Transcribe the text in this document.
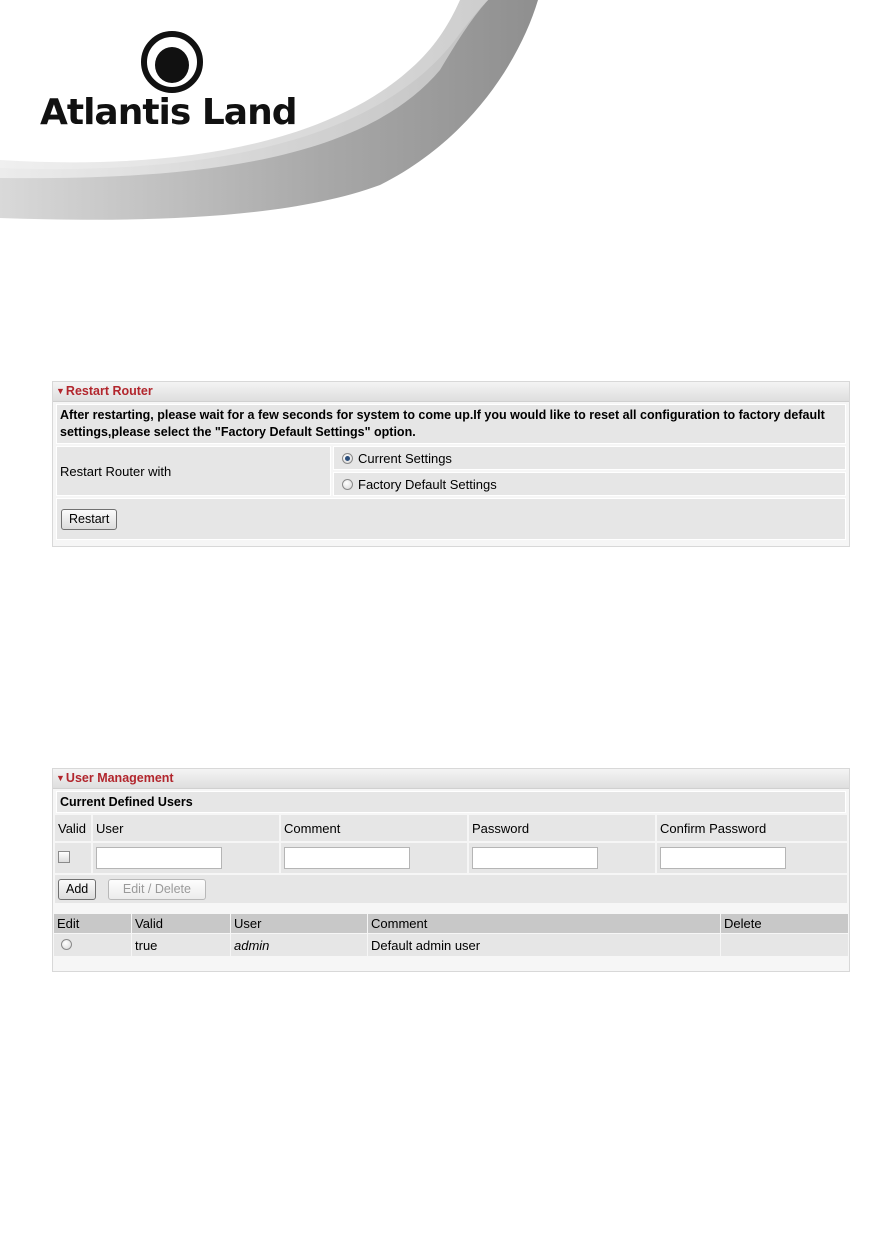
Atlantis Land
▼Restart Router
After restarting, please wait for a few seconds for system to come up.If you would like to reset all configuration to factory default settings,please select the "Factory Default Settings" option.
Restart Router with
Current Settings
Factory Default Settings
Restart
▼User Management
Current Defined Users
Valid	User	Comment	Password	Confirm Password

Add Edit / Delete				
Edit	Valid	User	Comment	Delete
	true	admin	Default admin user	
